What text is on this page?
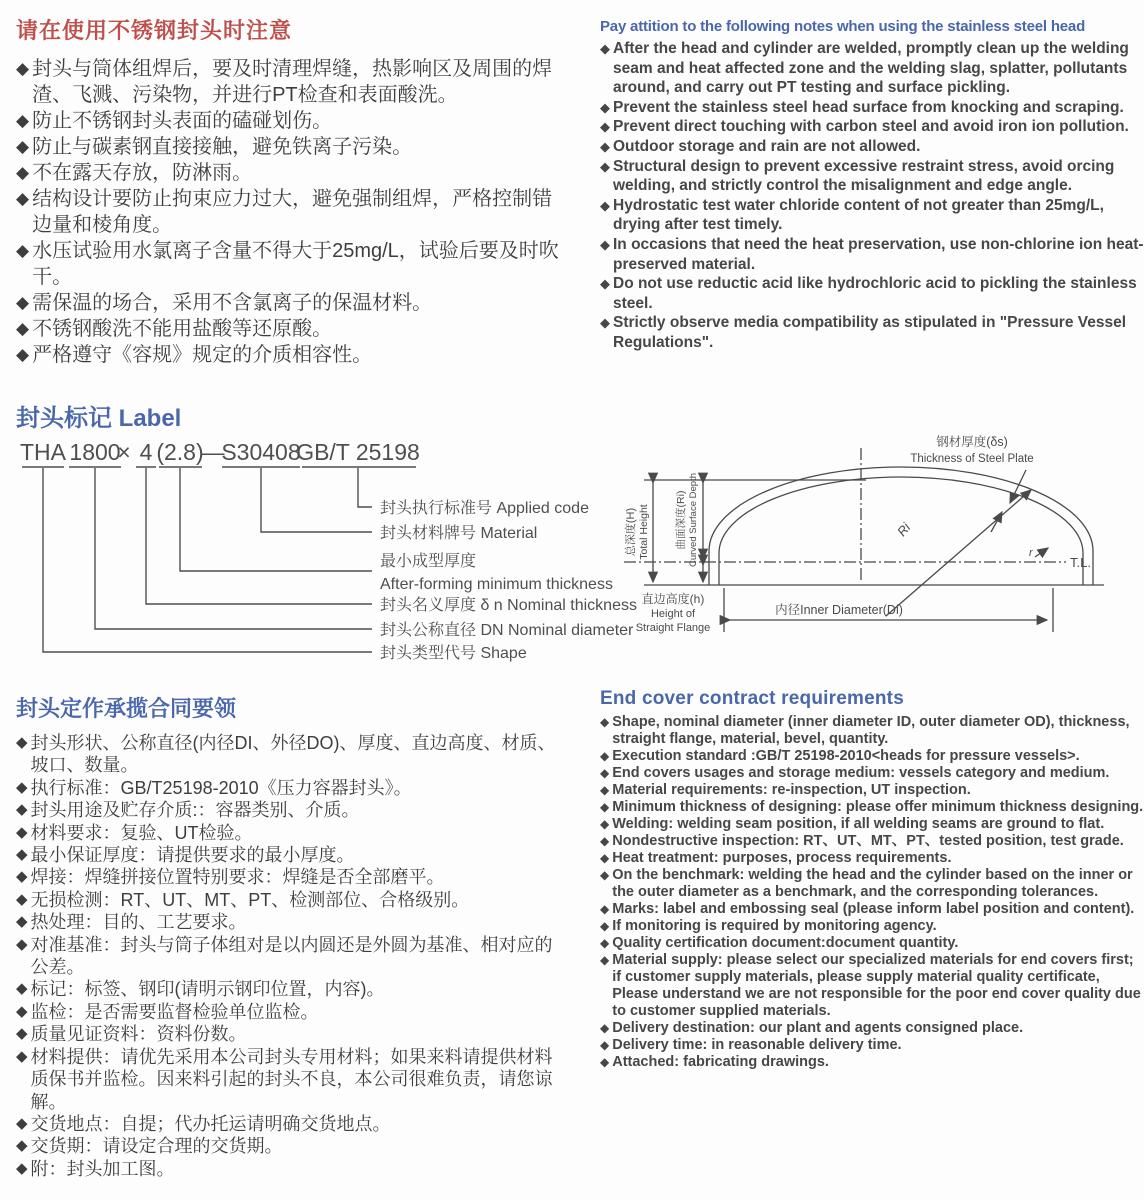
请在使用不锈钢封头时注意
◆ 封头与筒体组焊后，要及时清理焊缝，热影响区及周围的焊渣、飞溅、污染物，并进行PT检查和表面酸洗。
◆ 防止不锈钢封头表面的磕碰划伤。
◆ 防止与碳素钢直接接触，避免铁离子污染。
◆ 不在露天存放，防淋雨。
◆ 结构设计要防止拘束应力过大，避免强制组焊，严格控制错边量和棱角度。
◆ 水压试验用水氯离子含量不得大于25mg/L，试验后要及时吹干。
◆ 需保温的场合，采用不含氯离子的保温材料。
◆ 不锈钢酸洗不能用盐酸等还原酸。
◆ 严格遵守《容规》规定的介质相容性。
Pay attition to the following notes when using the stainless steel head
◆ After the head and cylinder are welded, promptly clean up the welding seam and heat affected zone and the welding slag, splatter, pollutants around, and carry out PT testing and surface pickling.
◆ Prevent the stainless steel head surface from knocking and scraping.
◆ Prevent direct touching with carbon steel and avoid iron ion pollution.
◆ Outdoor storage and rain are not allowed.
◆ Structural design to prevent excessive restraint stress, avoid orcing welding, and strictly control the misalignment and edge angle.
◆ Hydrostatic test water chloride content of not greater than 25mg/L, drying after test timely.
◆ In occasions that need the heat preservation, use non-chlorine ion heat-preserved material.
◆ Do not use reductic acid like hydrochloric acid to pickling the stainless steel.
◆ Strictly observe media compatibility as stipulated in "Pressure Vessel Regulations".
封头标记 Label
THA 1800
× 4 (2.8)
—
S30408
GB/T 25198
封头执行标准号 Applied code
封头材料牌号 Material
最小成型厚度
After-forming minimum thickness
封头名义厚度 δ n Nominal thickness
封头公称直径 DN Nominal diameter
封头类型代号 Shape
T.L.
总深度(H) Total Height 曲面深度(Ri) Curved Surface Depth
直边高度(h)
Height of
Straight Flange
内径Inner Diameter(Di)
Ri
钢材厚度(δs)
Thickness of Steel Plate
r
封头定作承揽合同要领
◆ 封头形状、公称直径(内径DI、外径DO)、厚度、直边高度、材质、坡口、数量。
◆ 执行标准：GB/T25198-2010《压力容器封头》。
◆ 封头用途及贮存介质:：容器类别、介质。
◆ 材料要求：复验、UT检验。
◆ 最小保证厚度：请提供要求的最小厚度。
◆ 焊接：焊缝拼接位置特别要求：焊缝是否全部磨平。
◆ 无损检测：RT、UT、MT、PT、检测部位、合格级别。
◆ 热处理：目的、工艺要求。
◆ 对准基准：封头与筒子体组对是以内圆还是外圆为基准、相对应的公差。
◆ 标记：标签、钢印(请明示钢印位置，内容)。
◆ 监检：是否需要监督检验单位监检。
◆ 质量见证资料：资料份数。
◆ 材料提供：请优先采用本公司封头专用材料；如果来料请提供材料质保书并监检。因来料引起的封头不良，本公司很难负责，请您谅解。
◆ 交货地点：自提；代办托运请明确交货地点。
◆ 交货期：请设定合理的交货期。
◆ 附：封头加工图。
End cover contract requirements
◆ Shape, nominal diameter (inner diameter ID, outer diameter OD), thickness, straight flange, material, bevel, quantity.
◆ Execution standard :GB/T 25198-2010<heads for pressure vessels>.
◆ End covers usages and storage medium: vessels category and medium.
◆ Material requirements: re-inspection, UT inspection.
◆ Minimum thickness of designing: please offer minimum thickness designing.
◆ Welding: welding seam position, if all welding seams are ground to flat.
◆ Nondestructive inspection: RT、UT、MT、PT、tested position, test grade.
◆ Heat treatment: purposes, process requirements.
◆ On the benchmark: welding the head and the cylinder based on the inner or the outer diameter as a benchmark, and the corresponding tolerances.
◆ Marks: label and embossing seal (please inform label position and content).
◆ If monitoring is required by monitoring agency.
◆ Quality certification document:document quantity.
◆ Material supply: please select our specialized materials for end covers first; if customer supply materials, please supply material quality certificate, Please understand we are not responsible for the poor end cover quality due to customer supplied materials.
◆ Delivery destination: our plant and agents consigned place.
◆ Delivery time: in reasonable delivery time.
◆ Attached: fabricating drawings.
